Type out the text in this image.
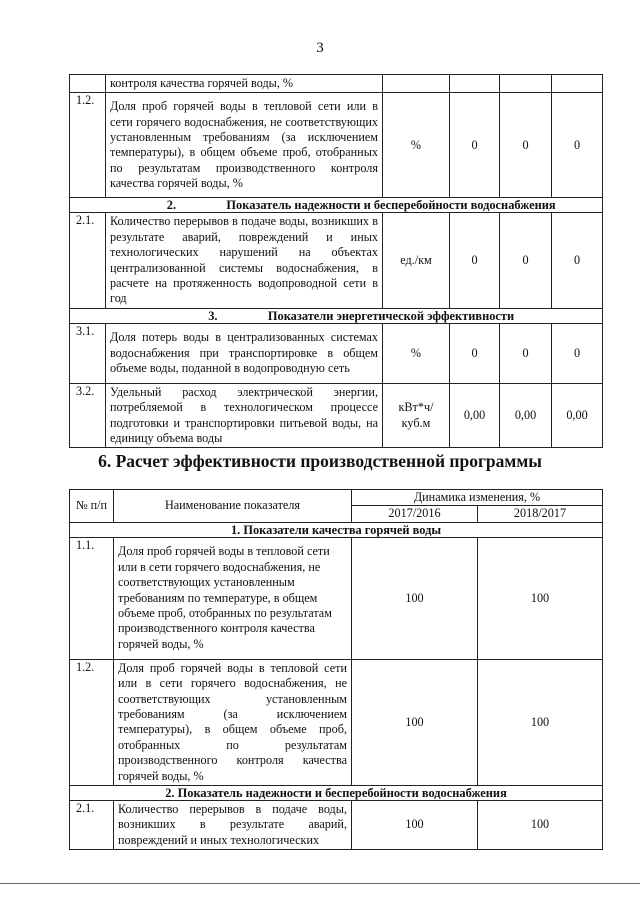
3
	контроля качества горячей воды, %				
1.2.	Доля проб горячей воды в тепловой сети или в сети горячего водоснабжения, не соответствующих установленным требованиям (за исключением температуры), в общем объеме проб, отобранных по результатам производственного контроля качества горячей воды, %	%	0	0	0
2. Показатель надежности и бесперебойности водоснабжения					
2.1.	Количество перерывов в подаче воды, возникших в результате аварий, повреждений и иных технологических нарушений на объектах централизованной системы водоснабжения, в расчете на протяженность водопроводной сети в год	ед./км	0	0	0
3. Показатели энергетической эффективности					
3.1.	Доля потерь воды в централизованных системах водоснабжения при транспортировке в общем объеме воды, поданной в водопроводную сеть	%	0	0	0
3.2.	Удельный расход электрической энергии, потребляемой в технологическом процессе подготовки и транспортировки питьевой воды, на единицу объема воды	кВт*ч/ куб.м	0,00	0,00	0,00
6. Расчет эффективности производственной программы
№ п/п	Наименование показателя	Динамика изменения, %	
		2017/2016	2018/2017
1. Показатели качества горячей воды			
1.1.	Доля проб горячей воды в тепловой сети или в сети горячего водоснабжения, не соответствующих установленным требованиям по температуре, в общем объеме проб, отобранных по результатам производственного контроля качества горячей воды, %	100	100
1.2.	Доля проб горячей воды в тепловой сети или в сети горячего водоснабжения, не соответствующих установленным требованиям (за исключением температуры), в общем объеме проб, отобранных по результатам производственного контроля качества горячей воды, %	100	100
2. Показатель надежности и бесперебойности водоснабжения			
2.1.	Количество перерывов в подаче воды, возникших в результате аварий, повреждений и иных технологических	100	100
